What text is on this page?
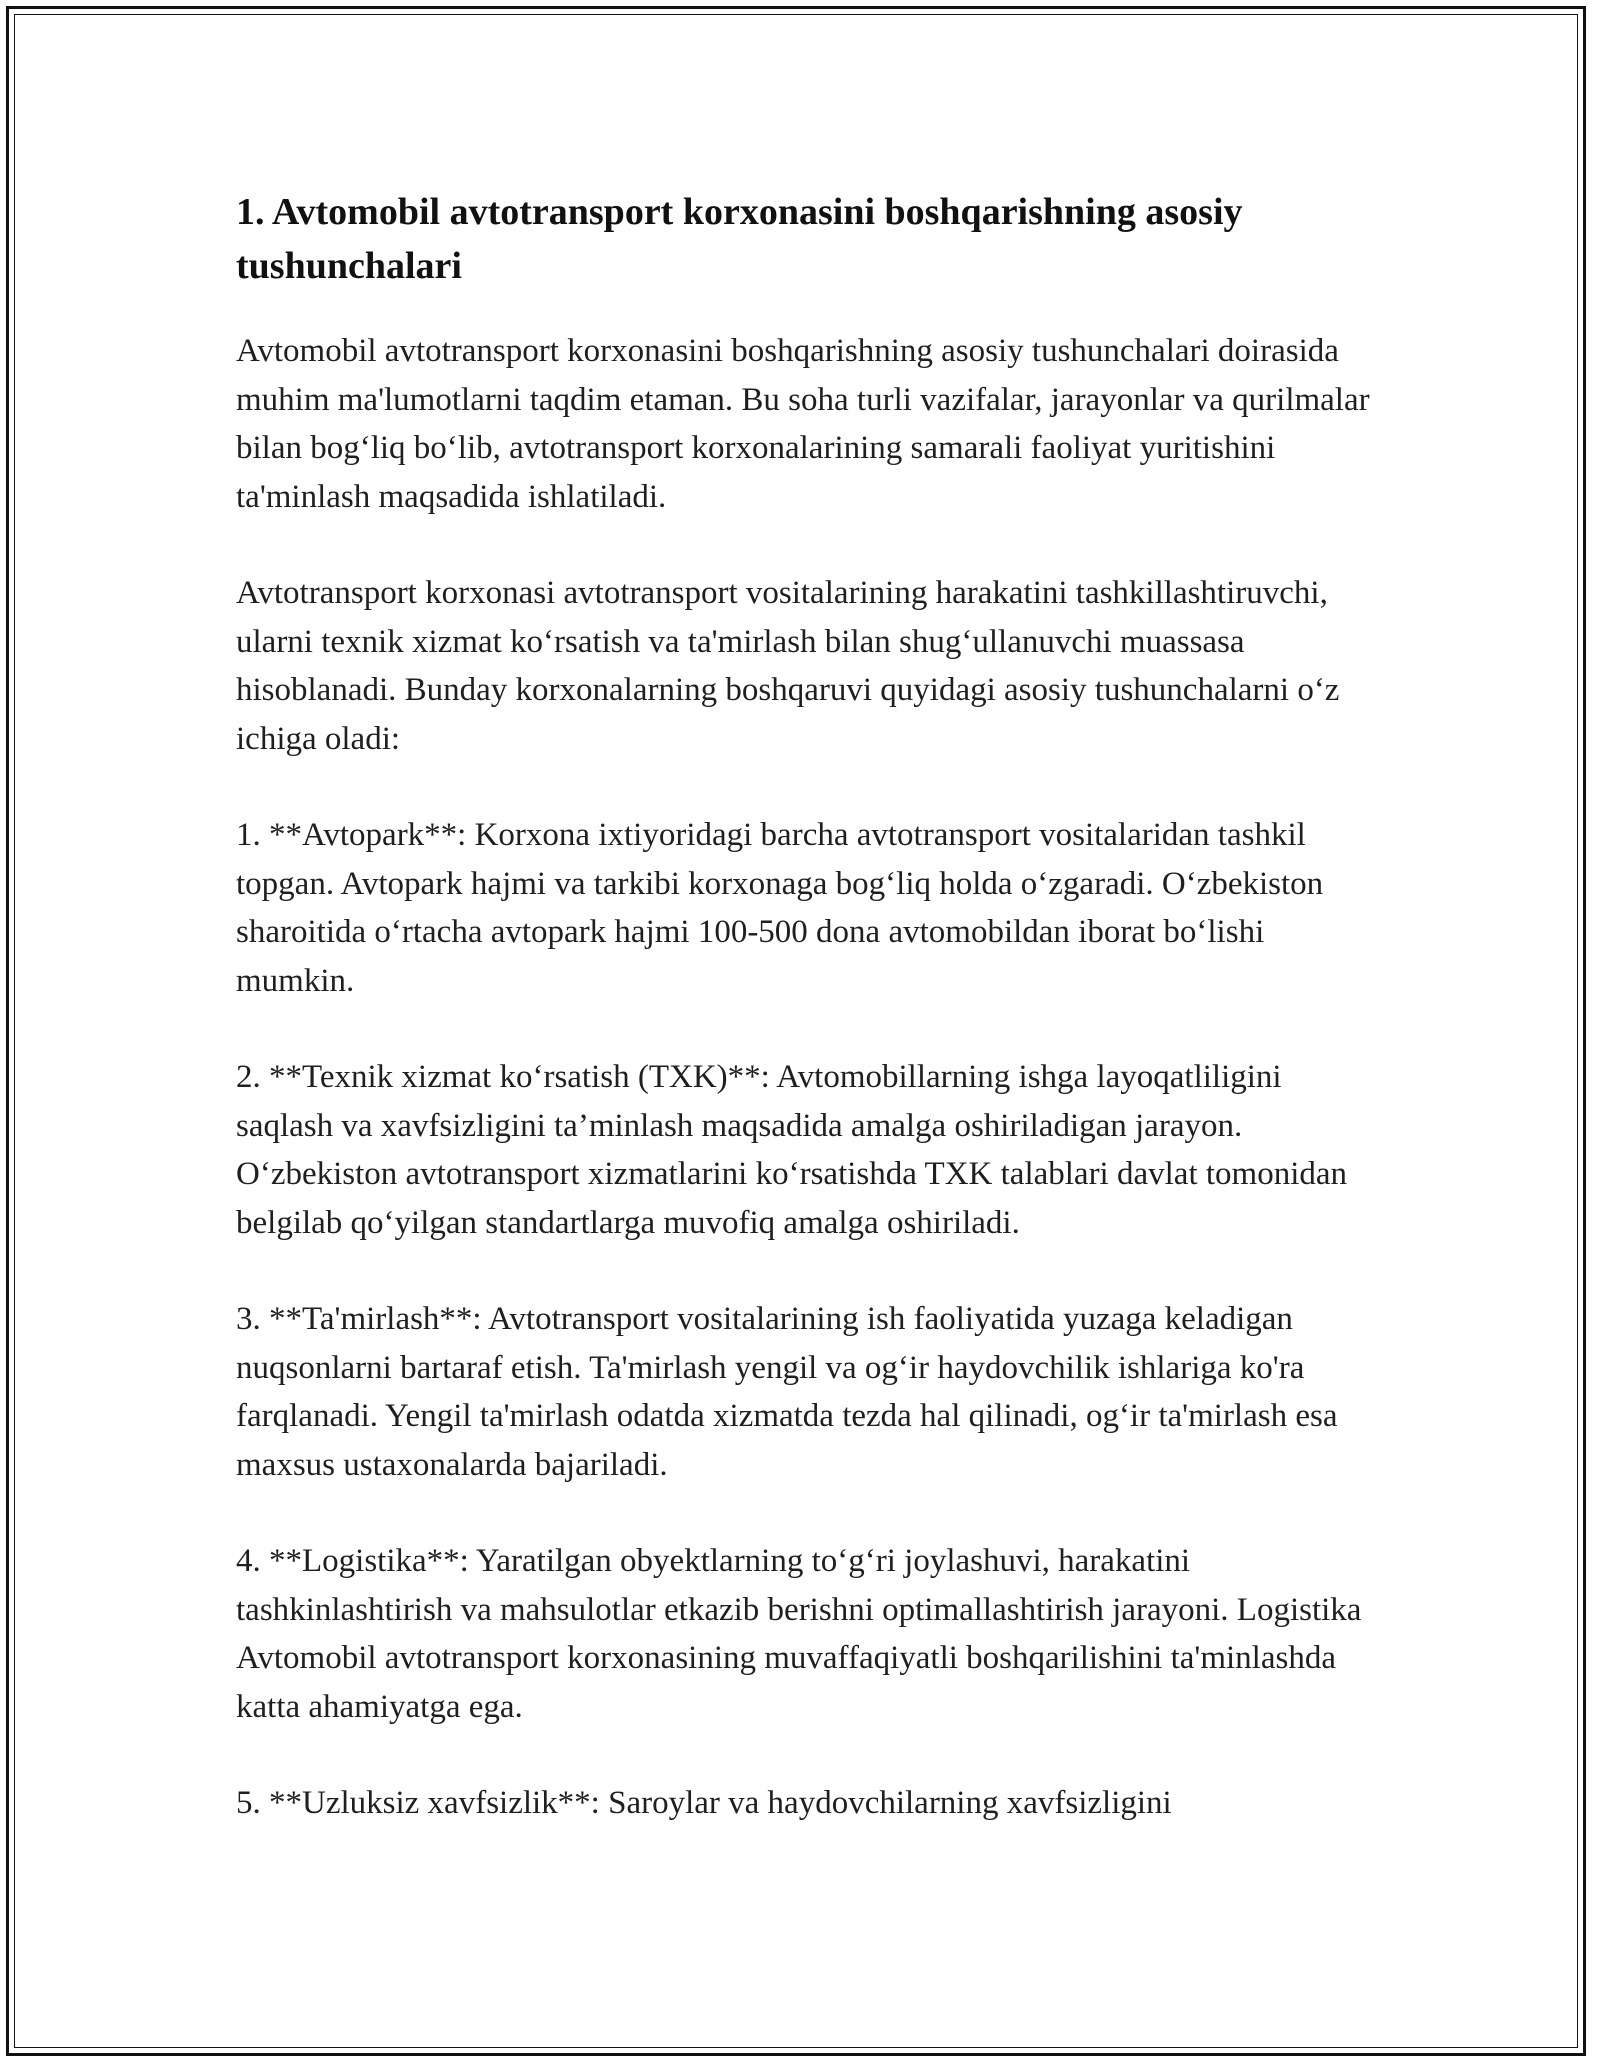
1. Avtomobil avtotransport korxonasini boshqarishning asosiy tushunchalari

Avtomobil avtotransport korxonasini boshqarishning asosiy tushunchalari doirasida muhim ma'lumotlarni taqdim etaman. Bu soha turli vazifalar, jarayonlar va qurilmalar bilan bog‘liq bo‘lib, avtotransport korxonalarining samarali faoliyat yuritishini ta'minlash maqsadida ishlatiladi.

Avtotransport korxonasi avtotransport vositalarining harakatini tashkillashtiruvchi, ularni texnik xizmat ko‘rsatish va ta'mirlash bilan shug‘ullanuvchi muassasa hisoblanadi. Bunday korxonalarning boshqaruvi quyidagi asosiy tushunchalarni o‘z ichiga oladi:

1. **Avtopark**: Korxona ixtiyoridagi barcha avtotransport vositalaridan tashkil topgan. Avtopark hajmi va tarkibi korxonaga bog‘liq holda o‘zgaradi. O‘zbekiston sharoitida o‘rtacha avtopark hajmi 100-500 dona avtomobildan iborat bo‘lishi mumkin.

2. **Texnik xizmat ko‘rsatish (TXK)**: Avtomobillarning ishga layoqatliligini saqlash va xavfsizligini ta’minlash maqsadida amalga oshiriladigan jarayon. O‘zbekiston avtotransport xizmatlarini ko‘rsatishda TXK talablari davlat tomonidan belgilab qo‘yilgan standartlarga muvofiq amalga oshiriladi.

3. **Ta'mirlash**: Avtotransport vositalarining ish faoliyatida yuzaga keladigan nuqsonlarni bartaraf etish. Ta'mirlash yengil va og‘ir haydovchilik ishlariga ko'ra farqlanadi. Yengil ta'mirlash odatda xizmatda tezda hal qilinadi, og‘ir ta'mirlash esa maxsus ustaxonalarda bajariladi.

4. **Logistika**: Yaratilgan obyektlarning to‘g‘ri joylashuvi, harakatini tashkinlashtirish va mahsulotlar etkazib berishni optimallashtirish jarayoni. Logistika Avtomobil avtotransport korxonasining muvaffaqiyatli boshqarilishini ta'minlashda katta ahamiyatga ega.

5. **Uzluksiz xavfsizlik**: Saroylar va haydovchilarning xavfsizligini
